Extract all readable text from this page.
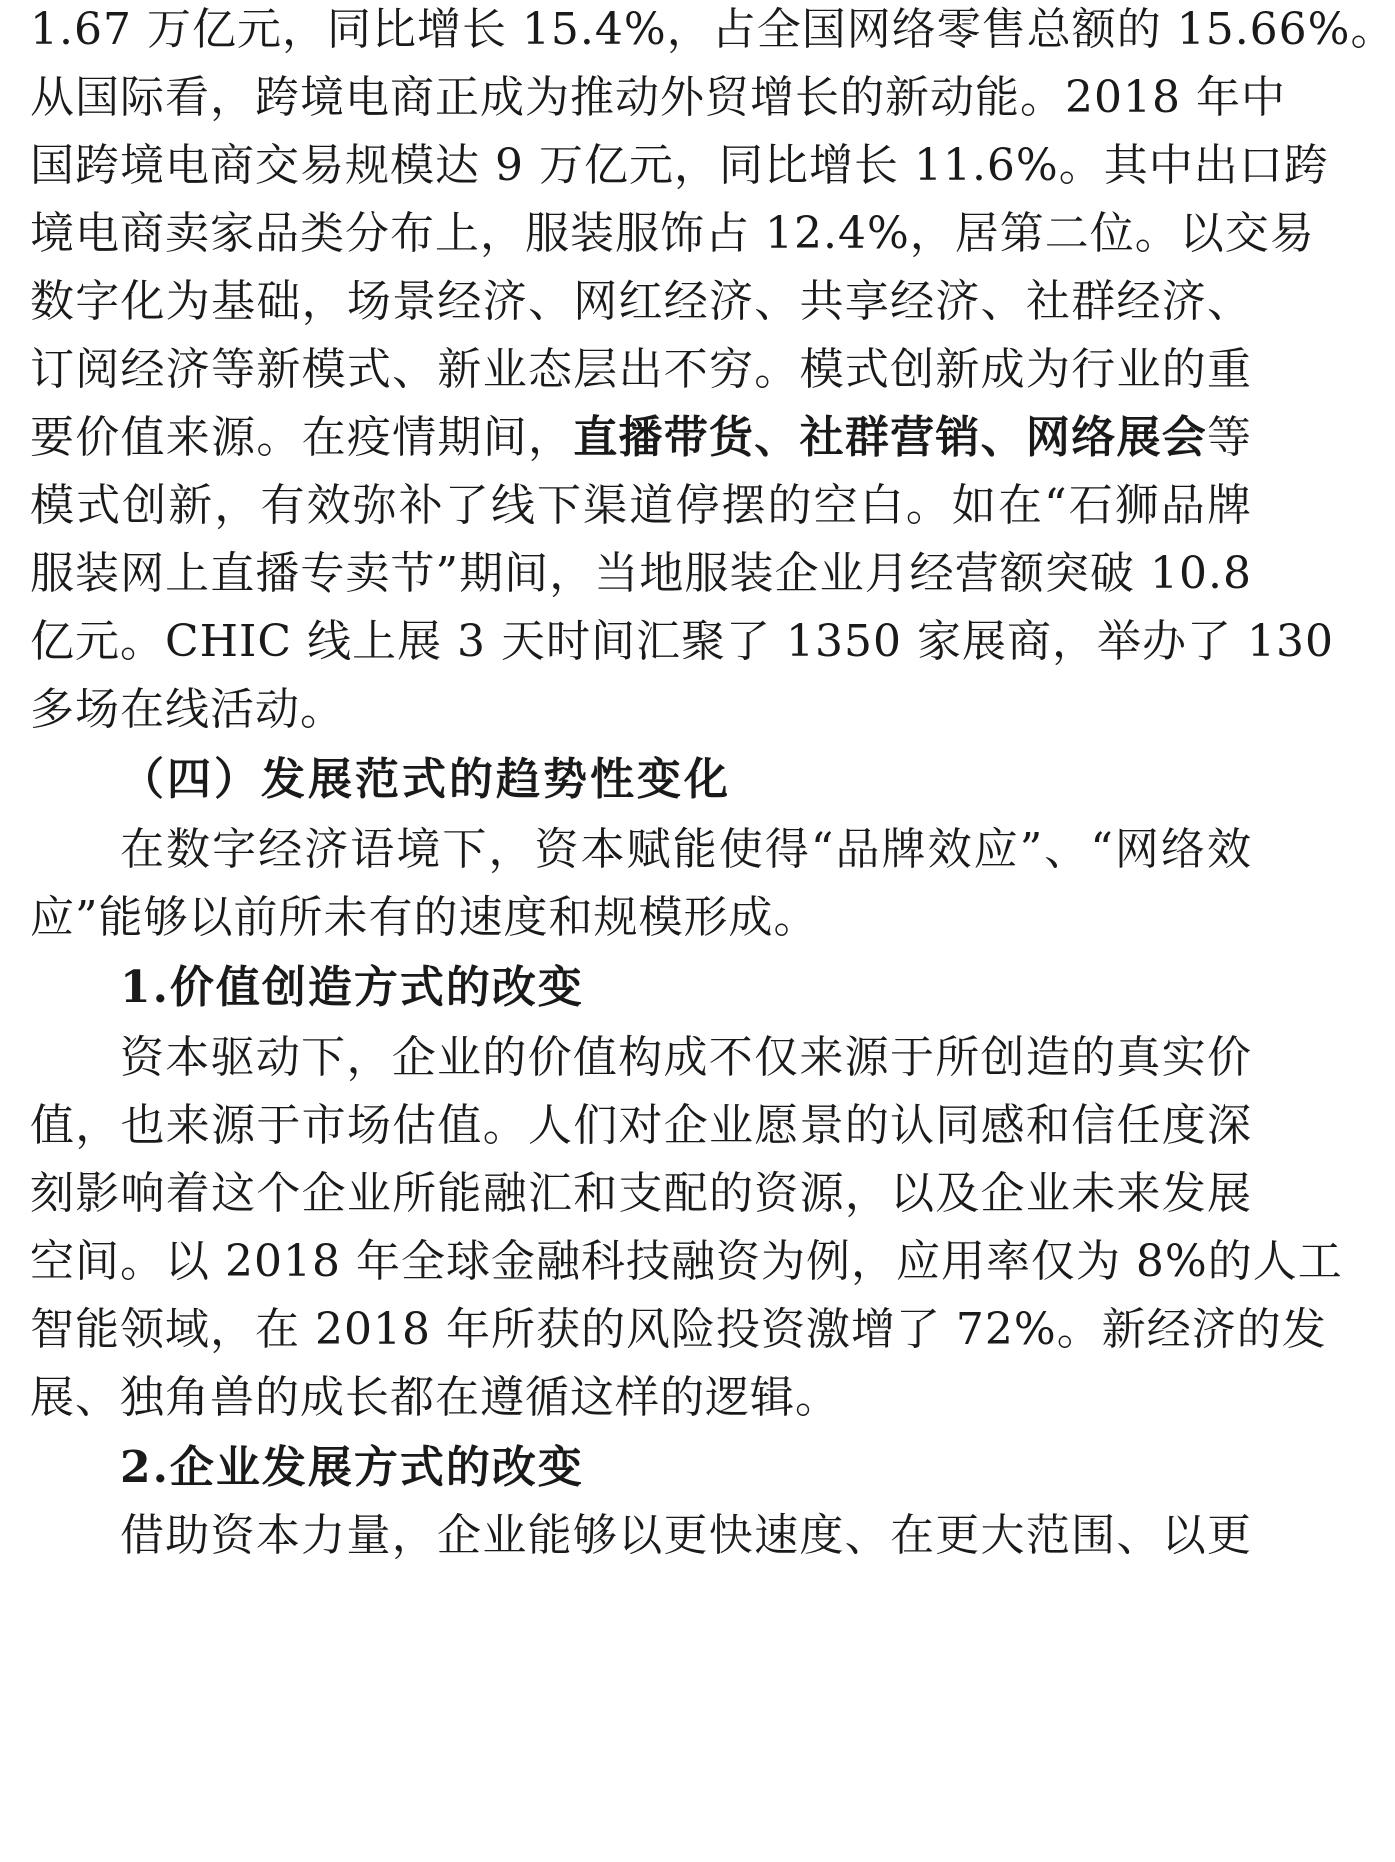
1.67 万亿元，同比增长 15.4%，占全国网络零售总额的 15.66%。
从国际看，跨境电商正成为推动外贸增长的新动能。2018 年中
国跨境电商交易规模达 9 万亿元，同比增长 11.6%。其中出口跨
境电商卖家品类分布上，服装服饰占 12.4%，居第二位。以交易
数字化为基础，场景经济、网红经济、共享经济、社群经济、
订阅经济等新模式、新业态层出不穷。模式创新成为行业的重
要价值来源。在疫情期间，直播带货、社群营销、网络展会等
模式创新，有效弥补了线下渠道停摆的空白。如在“石狮品牌
服装网上直播专卖节”期间，当地服装企业月经营额突破 10.8
亿元。CHIC 线上展 3 天时间汇聚了 1350 家展商，举办了 130
多场在线活动。
（四）发展范式的趋势性变化
在数字经济语境下，资本赋能使得“品牌效应”、“网络效
应”能够以前所未有的速度和规模形成。
1.价值创造方式的改变
资本驱动下，企业的价值构成不仅来源于所创造的真实价
值，也来源于市场估值。人们对企业愿景的认同感和信任度深
刻影响着这个企业所能融汇和支配的资源，以及企业未来发展
空间。以 2018 年全球金融科技融资为例，应用率仅为 8%的人工
智能领域，在 2018 年所获的风险投资激增了 72%。新经济的发
展、独角兽的成长都在遵循这样的逻辑。
2.企业发展方式的改变
借助资本力量，企业能够以更快速度、在更大范围、以更
